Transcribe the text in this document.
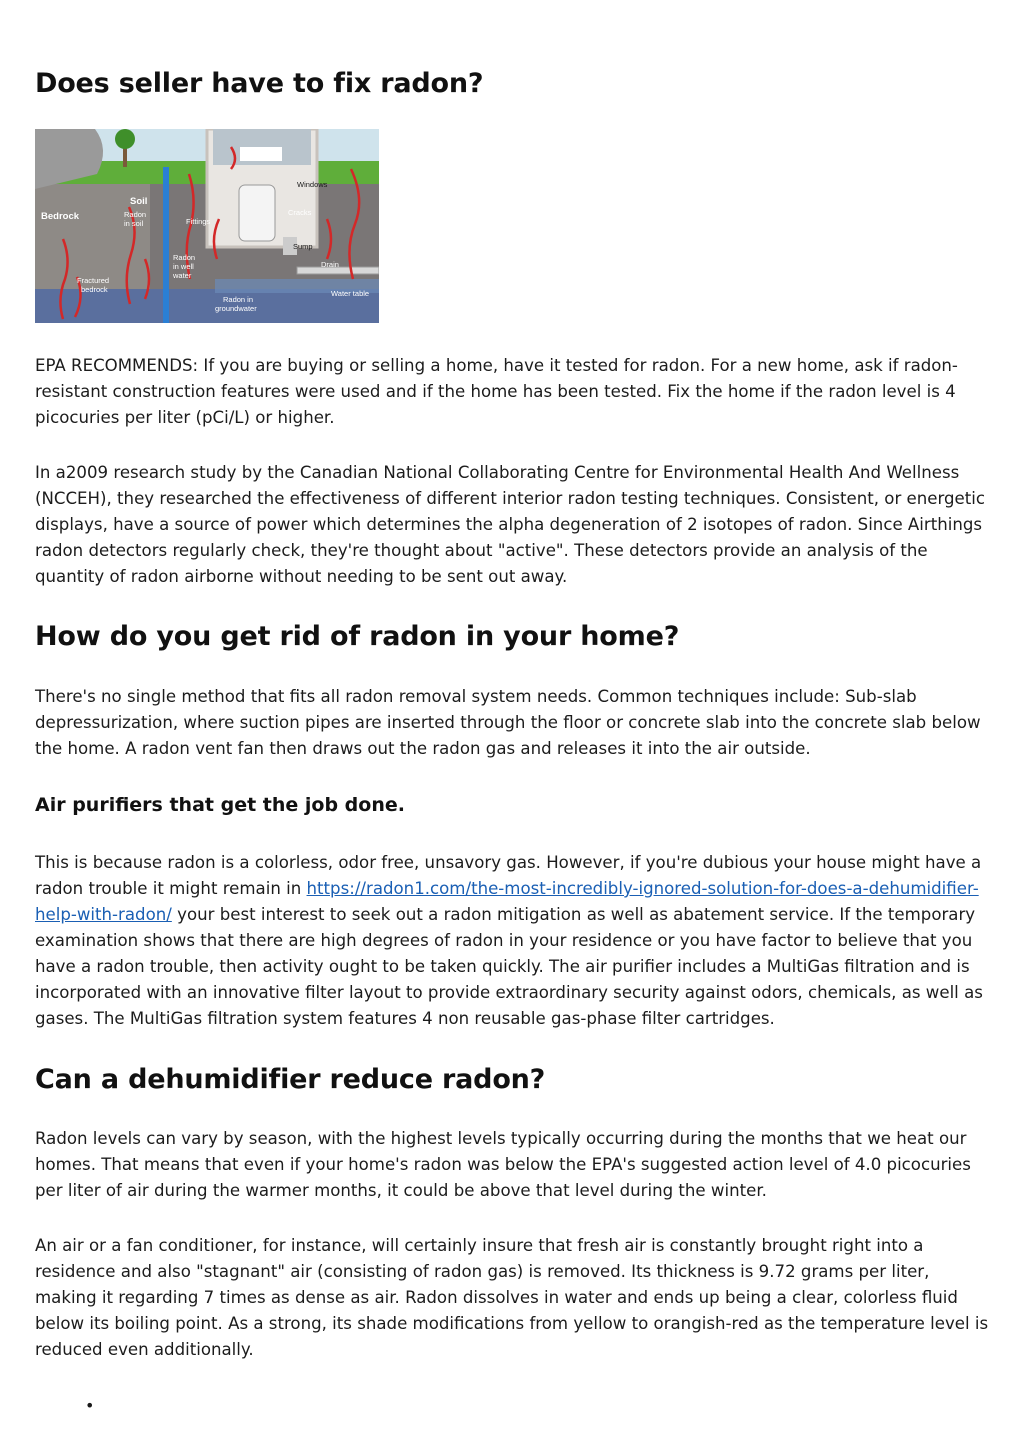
Does seller have to fix radon?
Windows
Soil
Bedrock	Radon
in soil	Fittings
Cracks
Sump
Drain
Radon
in well
water
Fractured
bedrock	Water table
Radon in
groundwater

EPA RECOMMENDS: If you are buying or selling a home, have it tested for radon. For a new home, ask if radon-resistant construction features were used and if the home has been tested. Fix the home if the radon level is 4 picocuries per liter (pCi/L) or higher.

In a2009 research study by the Canadian National Collaborating Centre for Environmental Health And Wellness (NCCEH), they researched the effectiveness of different interior radon testing techniques. Consistent, or energetic displays, have a source of power which determines the alpha degeneration of 2 isotopes of radon. Since Airthings radon detectors regularly check, they're thought about "active". These detectors provide an analysis of the quantity of radon airborne without needing to be sent out away.

How do you get rid of radon in your home?

There's no single method that fits all radon removal system needs. Common techniques include: Sub-slab depressurization, where suction pipes are inserted through the floor or concrete slab into the concrete slab below the home. A radon vent fan then draws out the radon gas and releases it into the air outside.

Air purifiers that get the job done.

This is because radon is a colorless, odor free, unsavory gas. However, if you're dubious your house might have a radon trouble it might remain in https://radon1.com/the-most-incredibly-ignored-solution-for-does-a-dehumidifier-help-with-radon/ your best interest to seek out a radon mitigation as well as abatement service. If the temporary examination shows that there are high degrees of radon in your residence or you have factor to believe that you have a radon trouble, then activity ought to be taken quickly. The air purifier includes a MultiGas filtration and is incorporated with an innovative filter layout to provide extraordinary security against odors, chemicals, as well as gases. The MultiGas filtration system features 4 non reusable gas-phase filter cartridges.

Can a dehumidifier reduce radon?

Radon levels can vary by season, with the highest levels typically occurring during the months that we heat our homes. That means that even if your home's radon was below the EPA's suggested action level of 4.0 picocuries per liter of air during the warmer months, it could be above that level during the winter.

An air or a fan conditioner, for instance, will certainly insure that fresh air is constantly brought right into a residence and also "stagnant" air (consisting of radon gas) is removed. Its thickness is 9.72 grams per liter, making it regarding 7 times as dense as air. Radon dissolves in water and ends up being a clear, colorless fluid below its boiling point. As a strong, its shade modifications from yellow to orangish-red as the temperature level is reduced even additionally.

•
